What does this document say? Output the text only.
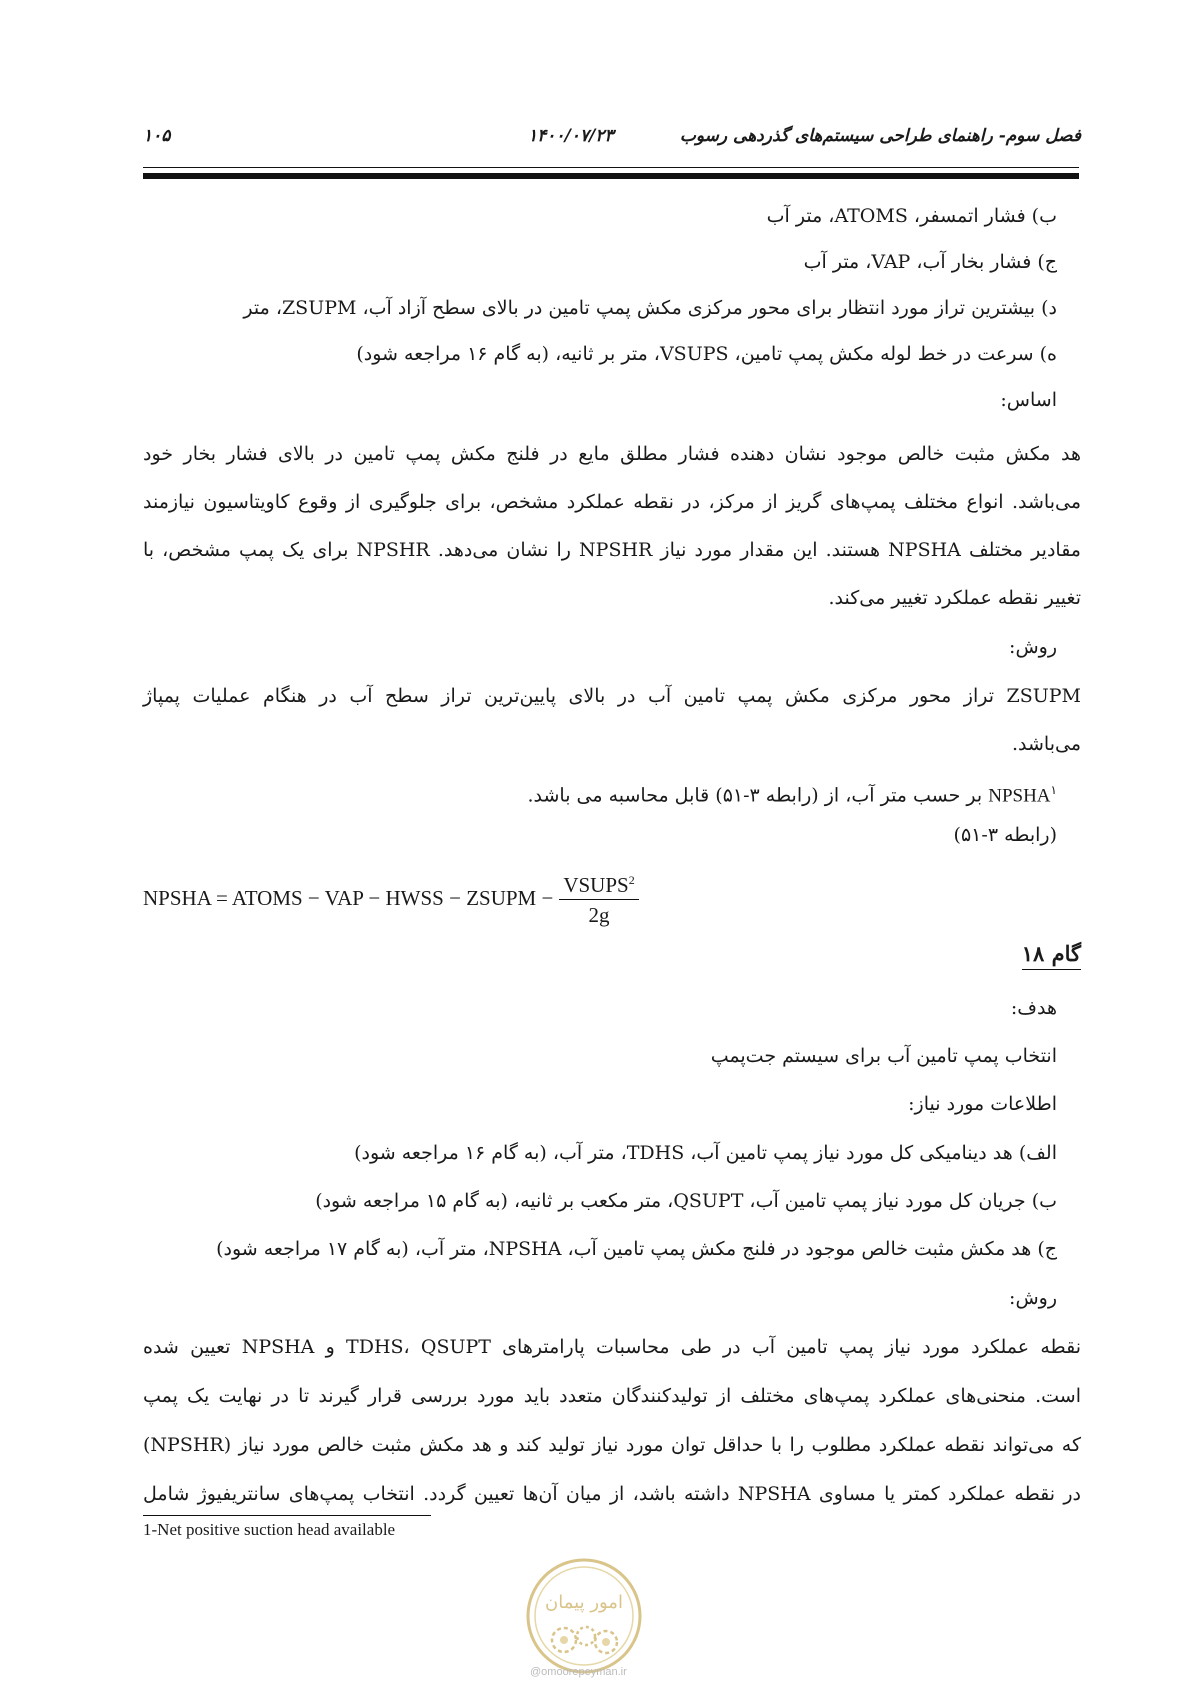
فصل سوم- راهنمای طراحی سیستم‌های گذردهی رسوب
۱۴۰۰/۰۷/۲۳
۱۰۵
ب) فشار اتمسفر، ATOMS، متر آب
ج) فشار بخار آب، VAP، متر آب
د) بیشترین تراز مورد انتظار برای محور مرکزی مکش پمپ تامین در بالای سطح آزاد آب، ZSUPM، متر
ه) سرعت در خط لوله مکش پمپ تامین، VSUPS، متر بر ثانیه، (به گام ۱۶ مراجعه شود)
اساس:
هد مکش مثبت خالص موجود نشان دهنده فشار مطلق مایع در فلنج مکش پمپ تامین در بالای فشار بخار خود
می‌باشد. انواع مختلف پمپ‌های گریز از مرکز، در نقطه عملکرد مشخص، برای جلوگیری از وقوع کاویتاسیون نیازمند
مقادیر مختلف NPSHA هستند. این مقدار مورد نیاز NPSHR را نشان می‌دهد. NPSHR برای یک پمپ مشخص، با
تغییر نقطه عملکرد تغییر می‌کند.
روش:
ZSUPM تراز محور مرکزی مکش پمپ تامین آب در بالای پایین‌ترین تراز سطح آب در هنگام عملیات پمپاژ
می‌باشد.
NPSHA$^۱$ بر حسب متر آب، از (رابطه ۳-۵۱) قابل محاسبه می باشد.
(رابطه ۳-۵۱)
NPSHA = ATOMS − VAP − HWSS − ZSUPM − $\frac{VSUPS^2}{2g}$
گام ۱۸
هدف:
انتخاب پمپ تامین آب برای سیستم جت‌پمپ
اطلاعات مورد نیاز:
الف) هد دینامیکی کل مورد نیاز پمپ تامین آب، TDHS، متر آب، (به گام ۱۶ مراجعه شود)
ب) جریان کل مورد نیاز پمپ تامین آب، QSUPT، متر مکعب بر ثانیه، (به گام ۱۵ مراجعه شود)
ج) هد مکش مثبت خالص موجود در فلنج مکش پمپ تامین آب، NPSHA، متر آب، (به گام ۱۷ مراجعه شود)
روش:
نقطه عملکرد مورد نیاز پمپ تامین آب در طی محاسبات پارامترهای TDHS، QSUPT و NPSHA تعیین شده
است. منحنی‌های عملکرد پمپ‌های مختلف از تولیدکنندگان متعدد باید مورد بررسی قرار گیرند تا در نهایت یک پمپ
که می‌تواند نقطه عملکرد مطلوب را با حداقل توان مورد نیاز تولید کند و هد مکش مثبت خالص مورد نیاز (NPSHR)
در نقطه عملکرد کمتر یا مساوی NPSHA داشته باشد، از میان آن‌ها تعیین گردد. انتخاب پمپ‌های سانتریفیوژ شامل
1-Net positive suction head available
امور پیمان
@omoorepeyman.ir
